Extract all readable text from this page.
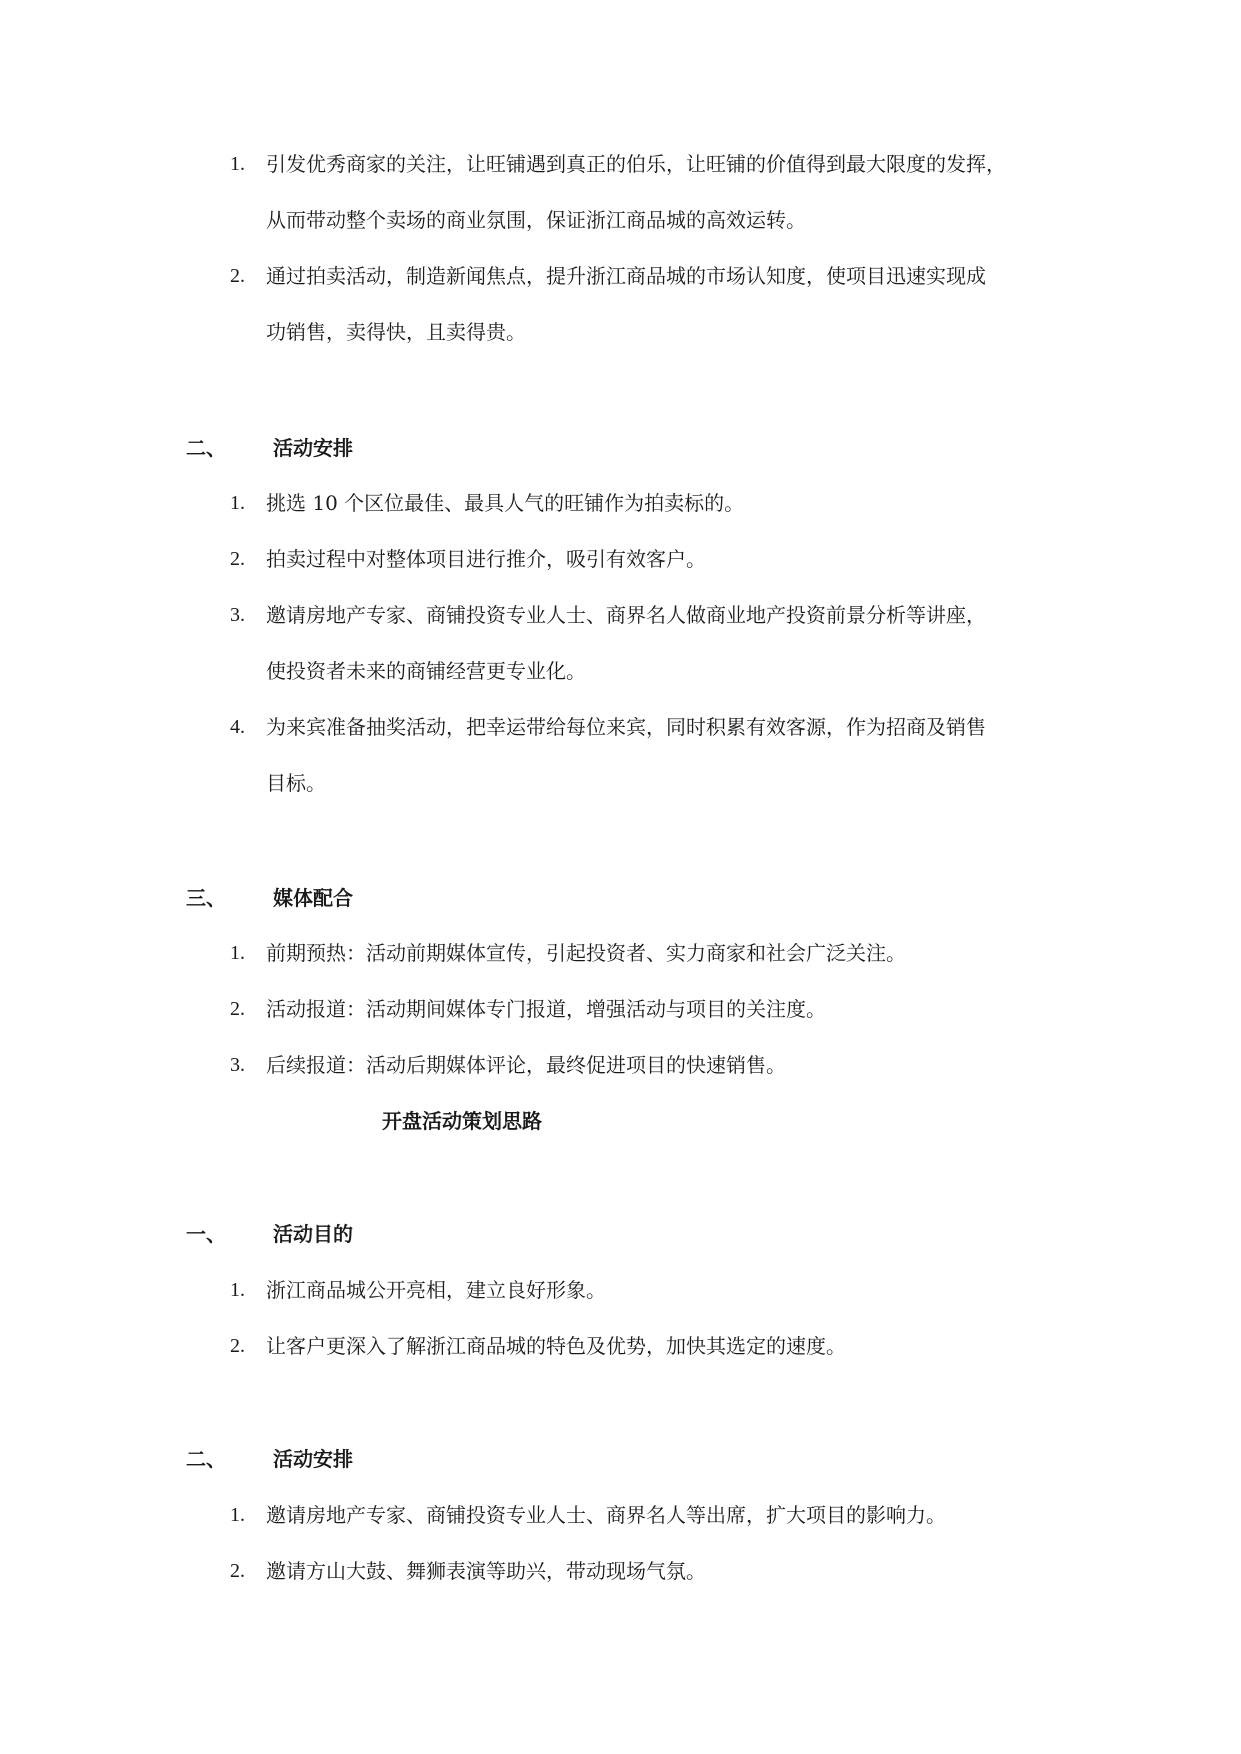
1. 引发优秀商家的关注，让旺铺遇到真正的伯乐，让旺铺的价值得到最大限度的发挥，
从而带动整个卖场的商业氛围，保证浙江商品城的高效运转。
2. 通过拍卖活动，制造新闻焦点，提升浙江商品城的市场认知度，使项目迅速实现成
功销售，卖得快，且卖得贵。
二、 活动安排
1. 挑选 10 个区位最佳、最具人气的旺铺作为拍卖标的。
2. 拍卖过程中对整体项目进行推介，吸引有效客户。
3. 邀请房地产专家、商铺投资专业人士、商界名人做商业地产投资前景分析等讲座，
使投资者未来的商铺经营更专业化。
4. 为来宾准备抽奖活动，把幸运带给每位来宾，同时积累有效客源，作为招商及销售
目标。
三、 媒体配合
1. 前期预热：活动前期媒体宣传，引起投资者、实力商家和社会广泛关注。
2. 活动报道：活动期间媒体专门报道，增强活动与项目的关注度。
3. 后续报道：活动后期媒体评论，最终促进项目的快速销售。
开盘活动策划思路
一、 活动目的
1. 浙江商品城公开亮相，建立良好形象。
2. 让客户更深入了解浙江商品城的特色及优势，加快其选定的速度。
二、 活动安排
1. 邀请房地产专家、商铺投资专业人士、商界名人等出席，扩大项目的影响力。
2. 邀请方山大鼓、舞狮表演等助兴，带动现场气氛。
